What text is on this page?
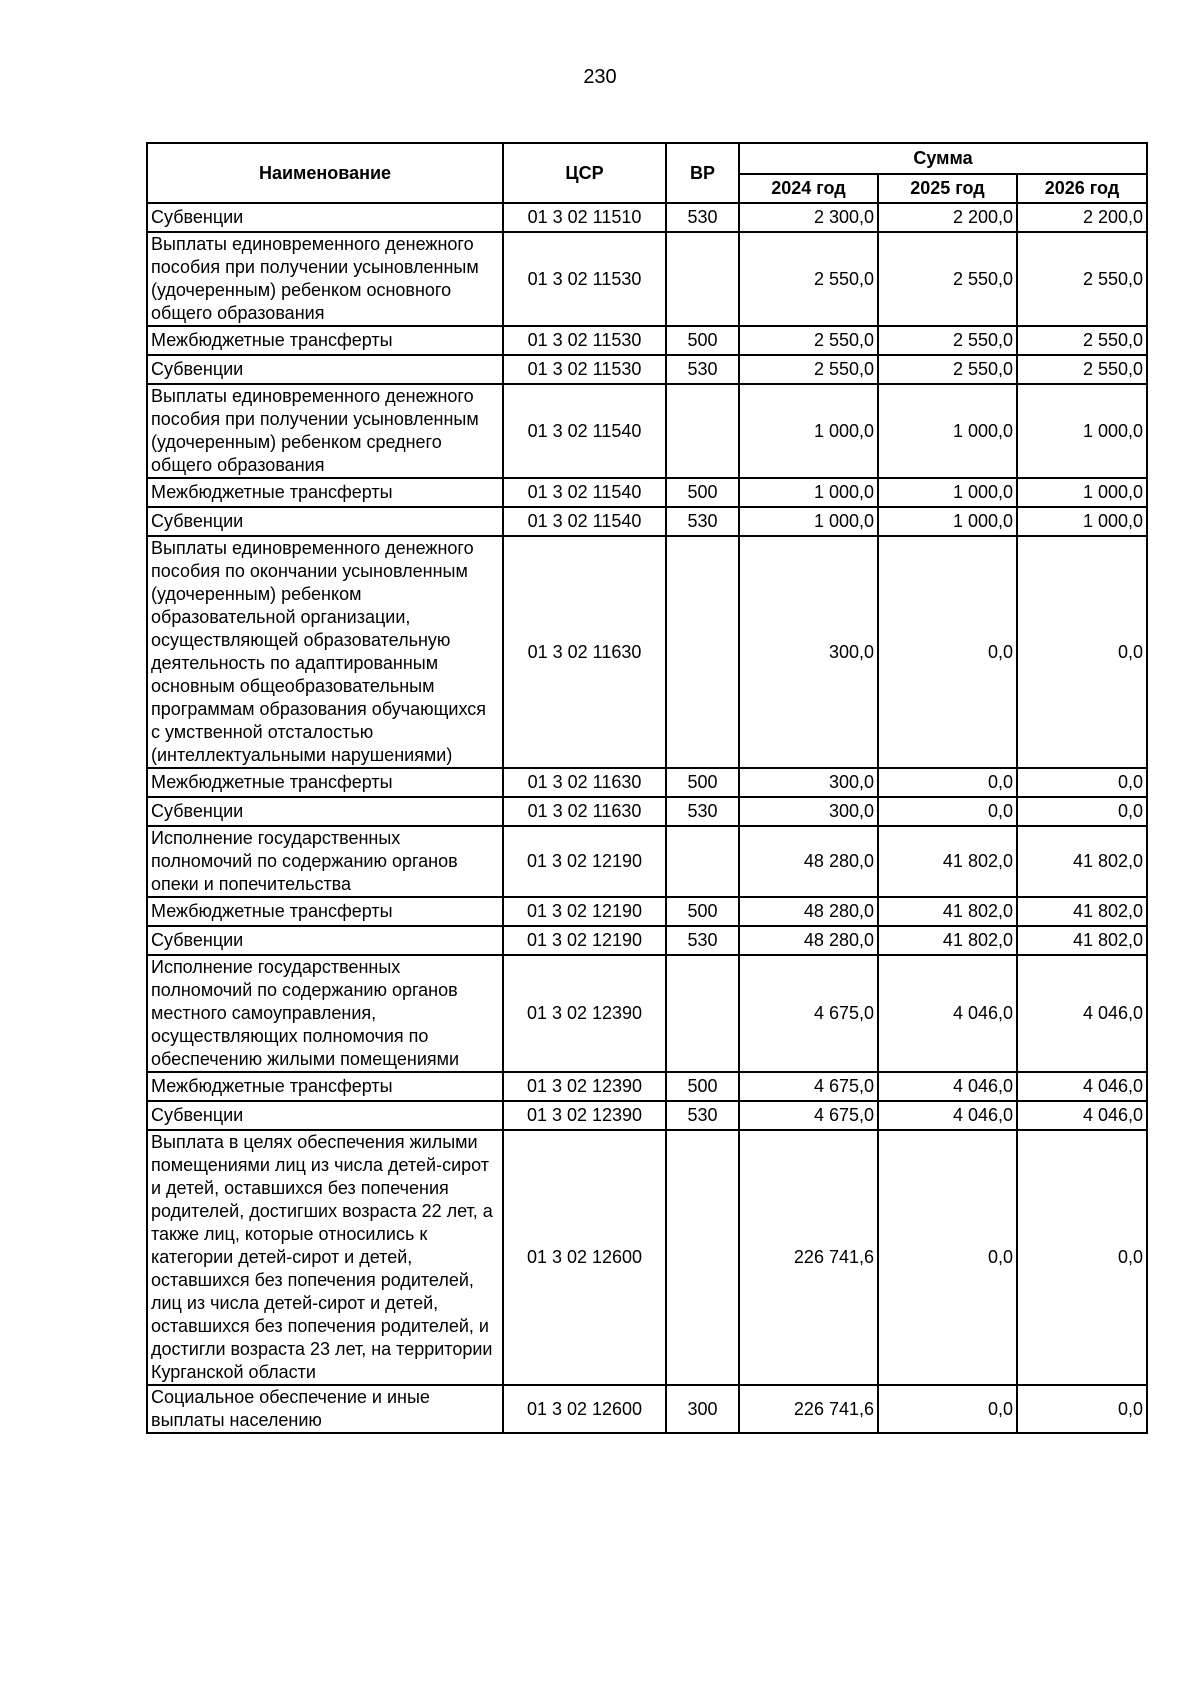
230
Наименование	ЦСР	ВР	Сумма		
			2024 год	2025 год	2026 год
Субвенции	01 3 02 11510	530	2 300,0	2 200,0	2 200,0
Выплаты единовременного денежного пособия при получении усыновленным (удочеренным) ребенком основного общего образования	01 3 02 11530		2 550,0	2 550,0	2 550,0
Межбюджетные трансферты	01 3 02 11530	500	2 550,0	2 550,0	2 550,0
Субвенции	01 3 02 11530	530	2 550,0	2 550,0	2 550,0
Выплаты единовременного денежного пособия при получении усыновленным (удочеренным) ребенком среднего общего образования	01 3 02 11540		1 000,0	1 000,0	1 000,0
Межбюджетные трансферты	01 3 02 11540	500	1 000,0	1 000,0	1 000,0
Субвенции	01 3 02 11540	530	1 000,0	1 000,0	1 000,0
Выплаты единовременного денежного пособия по окончании усыновленным (удочеренным) ребенком образовательной организации, осуществляющей образовательную деятельность по адаптированным основным общеобразовательным программам образования обучающихся с умственной отсталостью (интеллектуальными нарушениями)	01 3 02 11630		300,0	0,0	0,0
Межбюджетные трансферты	01 3 02 11630	500	300,0	0,0	0,0
Субвенции	01 3 02 11630	530	300,0	0,0	0,0
Исполнение государственных полномочий по содержанию органов опеки и попечительства	01 3 02 12190		48 280,0	41 802,0	41 802,0
Межбюджетные трансферты	01 3 02 12190	500	48 280,0	41 802,0	41 802,0
Субвенции	01 3 02 12190	530	48 280,0	41 802,0	41 802,0
Исполнение государственных полномочий по содержанию органов местного самоуправления, осуществляющих полномочия по обеспечению жилыми помещениями	01 3 02 12390		4 675,0	4 046,0	4 046,0
Межбюджетные трансферты	01 3 02 12390	500	4 675,0	4 046,0	4 046,0
Субвенции	01 3 02 12390	530	4 675,0	4 046,0	4 046,0
Выплата в целях обеспечения жилыми помещениями лиц из числа детей-сирот и детей, оставшихся без попечения родителей, достигших возраста 22 лет, а также лиц, которые относились к категории детей-сирот и детей, оставшихся без попечения родителей, лиц из числа детей-сирот и детей, оставшихся без попечения родителей, и достигли возраста 23 лет, на территории Курганской области	01 3 02 12600		226 741,6	0,0	0,0
Социальное обеспечение и иные выплаты населению	01 3 02 12600	300	226 741,6	0,0	0,0
